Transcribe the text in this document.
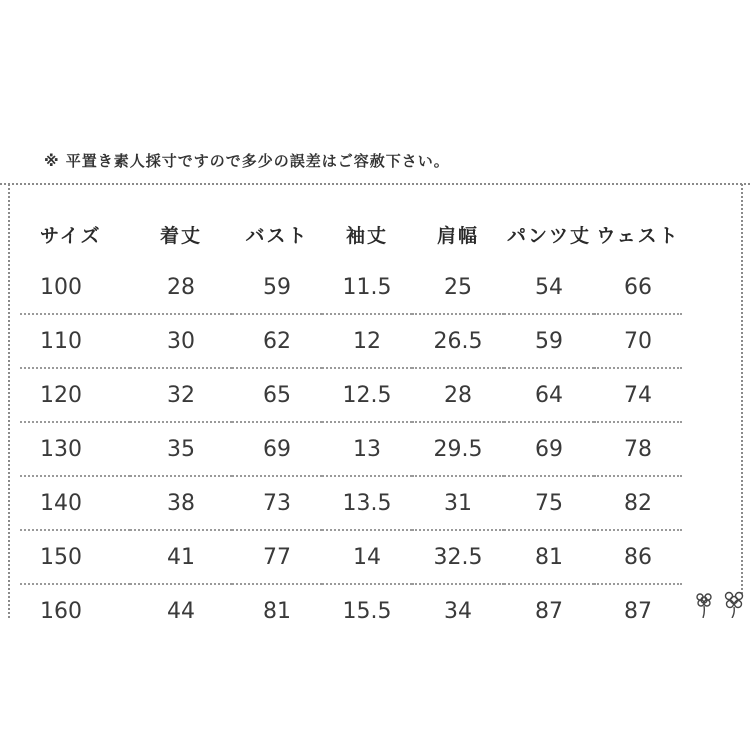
※ 平置き素人採寸ですので多少の誤差はご容赦下さい。
サイズ	着丈	バスト	袖丈	肩幅	パンツ丈	ウェスト
100	28	59	11.5	25	54	66
110	30	62	12	26.5	59	70
120	32	65	12.5	28	64	74
130	35	69	13	29.5	69	78
140	38	73	13.5	31	75	82
150	41	77	14	32.5	81	86
160	44	81	15.5	34	87	87
